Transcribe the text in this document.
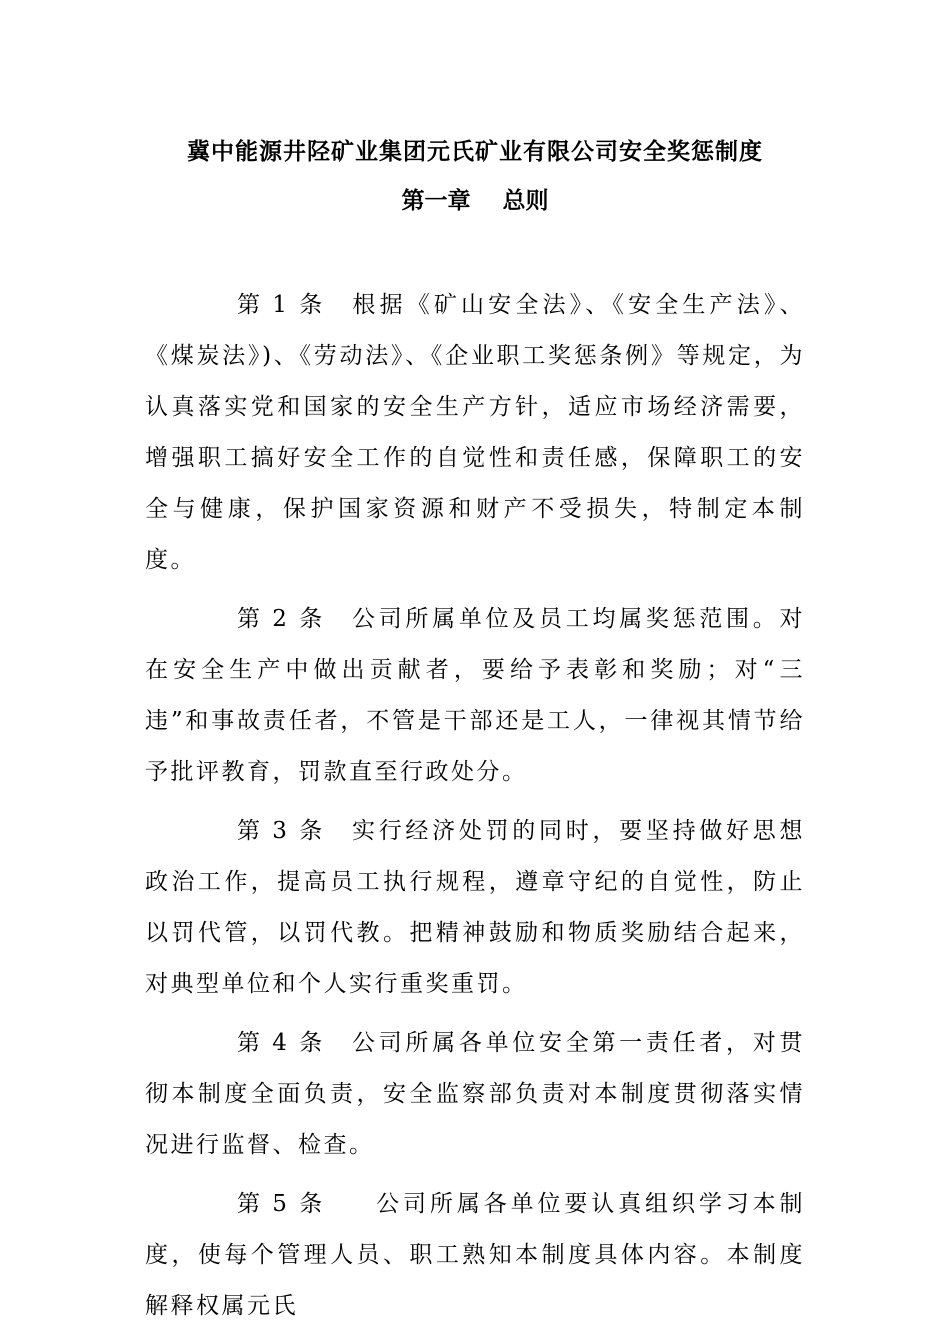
冀中能源井陉矿业集团元氏矿业有限公司安全奖惩制度
第一章    总则

第 1 条 根据《矿山安全法》、《安全生产法》、《煤炭法》)、《劳动法》、《企业职工奖惩条例》等规定，为认真落实党和国家的安全生产方针，适应市场经济需要，增强职工搞好安全工作的自觉性和责任感，保障职工的安全与健康，保护国家资源和财产不受损失，特制定本制度。

第 2 条 公司所属单位及员工均属奖惩范围。对在安全生产中做出贡献者，要给予表彰和奖励；对“三违”和事故责任者，不管是干部还是工人，一律视其情节给予批评教育，罚款直至行政处分。

第 3 条 实行经济处罚的同时，要坚持做好思想政治工作，提高员工执行规程，遵章守纪的自觉性，防止以罚代管，以罚代教。把精神鼓励和物质奖励结合起来，对典型单位和个人实行重奖重罚。

第 4 条 公司所属各单位安全第一责任者，对贯彻本制度全面负责，安全监察部负责对本制度贯彻落实情况进行监督、检查。

第 5 条 公司所属各单位要认真组织学习本制度，使每个管理人员、职工熟知本制度具体内容。本制度解释权属元氏
